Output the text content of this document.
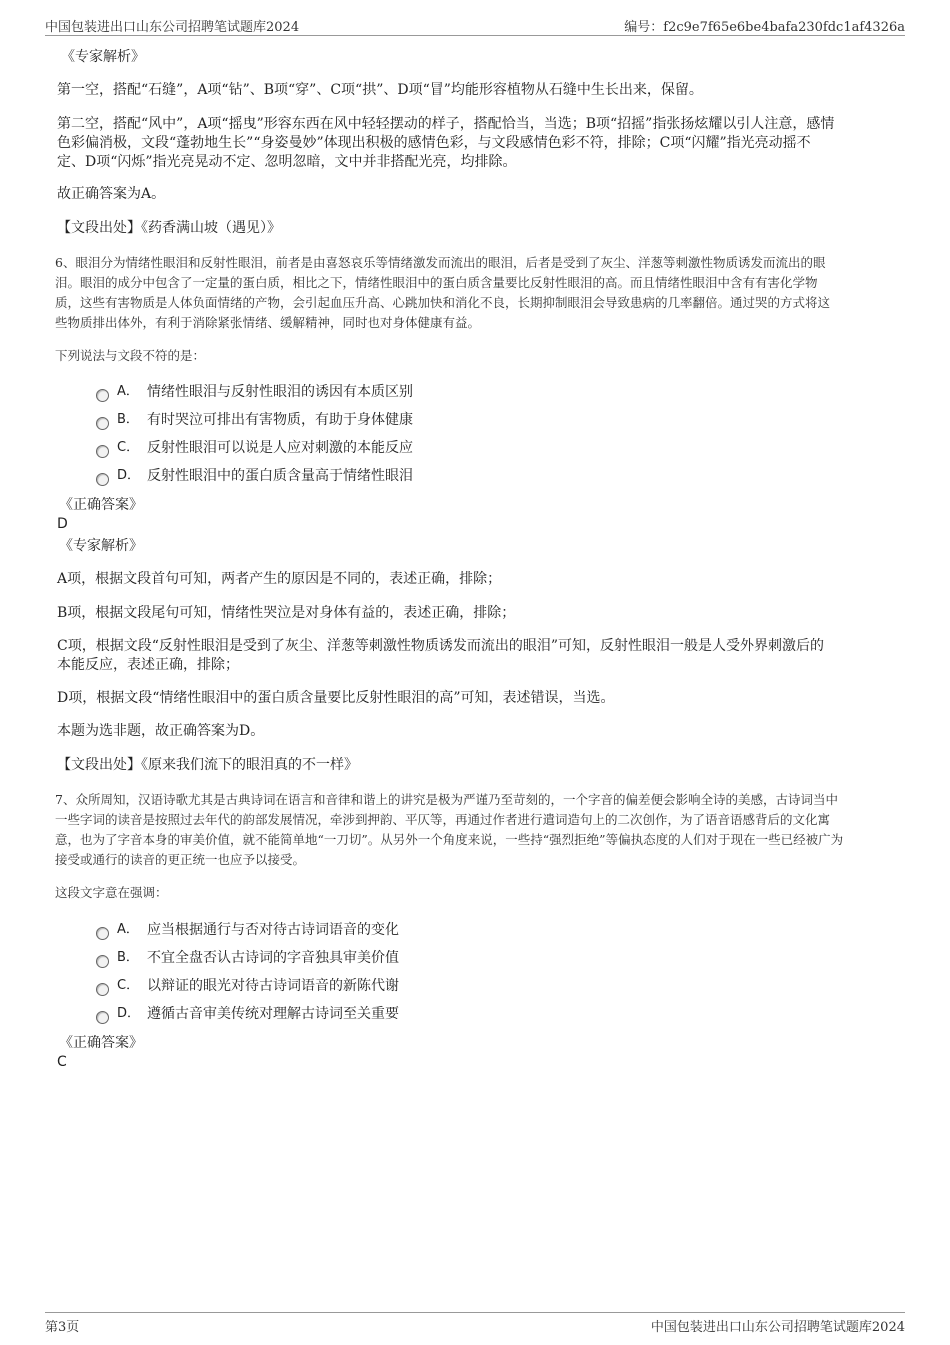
中国包装进出口山东公司招聘笔试题库2024	编号：f2c9e7f65e6be4bafa230fdc1af4326a
《专家解析》
第一空，搭配“石缝”，A项“钻”、B项“穿”、C项“拱”、D项“冒”均能形容植物从石缝中生长出来，保留。
第二空，搭配“风中”，A项“摇曳”形容东西在风中轻轻摆动的样子，搭配恰当，当选；B项“招摇”指张扬炫耀以引人注意，感情
色彩偏消极，文段“蓬勃地生长”“身姿曼妙”体现出积极的感情色彩，与文段感情色彩不符，排除；C项“闪耀”指光亮动摇不
定、D项“闪烁”指光亮晃动不定、忽明忽暗，文中并非搭配光亮，均排除。
故正确答案为A。
【文段出处】《药香满山坡（遇见）》
6、眼泪分为情绪性眼泪和反射性眼泪，前者是由喜怒哀乐等情绪激发而流出的眼泪，后者是受到了灰尘、洋葱等刺激性物质诱发而流出的眼
泪。眼泪的成分中包含了一定量的蛋白质，相比之下，情绪性眼泪中的蛋白质含量要比反射性眼泪的高。而且情绪性眼泪中含有有害化学物
质，这些有害物质是人体负面情绪的产物，会引起血压升高、心跳加快和消化不良，长期抑制眼泪会导致患病的几率翻倍。通过哭的方式将这
些物质排出体外，有利于消除紧张情绪、缓解精神，同时也对身体健康有益。
下列说法与文段不符的是：
A． 情绪性眼泪与反射性眼泪的诱因有本质区别
B． 有时哭泣可排出有害物质，有助于身体健康
C． 反射性眼泪可以说是人应对刺激的本能反应
D． 反射性眼泪中的蛋白质含量高于情绪性眼泪
《正确答案》
D
《专家解析》
A项，根据文段首句可知，两者产生的原因是不同的，表述正确，排除；
B项，根据文段尾句可知，情绪性哭泣是对身体有益的，表述正确，排除；
C项，根据文段“反射性眼泪是受到了灰尘、洋葱等刺激性物质诱发而流出的眼泪”可知，反射性眼泪一般是人受外界刺激后的
本能反应，表述正确，排除；
D项，根据文段“情绪性眼泪中的蛋白质含量要比反射性眼泪的高”可知，表述错误，当选。
本题为选非题，故正确答案为D。
【文段出处】《原来我们流下的眼泪真的不一样》
7、众所周知，汉语诗歌尤其是古典诗词在语言和音律和谐上的讲究是极为严谨乃至苛刻的，一个字音的偏差便会影响全诗的美感，古诗词当中
一些字词的读音是按照过去年代的韵部发展情况，牵涉到押韵、平仄等，再通过作者进行遣词造句上的二次创作，为了语音语感背后的文化寓
意，也为了字音本身的审美价值，就不能简单地“一刀切”。从另外一个角度来说，一些持“强烈拒绝”等偏执态度的人们对于现在一些已经被广为
接受或通行的读音的更正统一也应予以接受。
这段文字意在强调：
A． 应当根据通行与否对待古诗词语音的变化
B． 不宜全盘否认古诗词的字音独具审美价值
C． 以辩证的眼光对待古诗词语音的新陈代谢
D． 遵循古音审美传统对理解古诗词至关重要
《正确答案》
C
第3页	中国包装进出口山东公司招聘笔试题库2024
